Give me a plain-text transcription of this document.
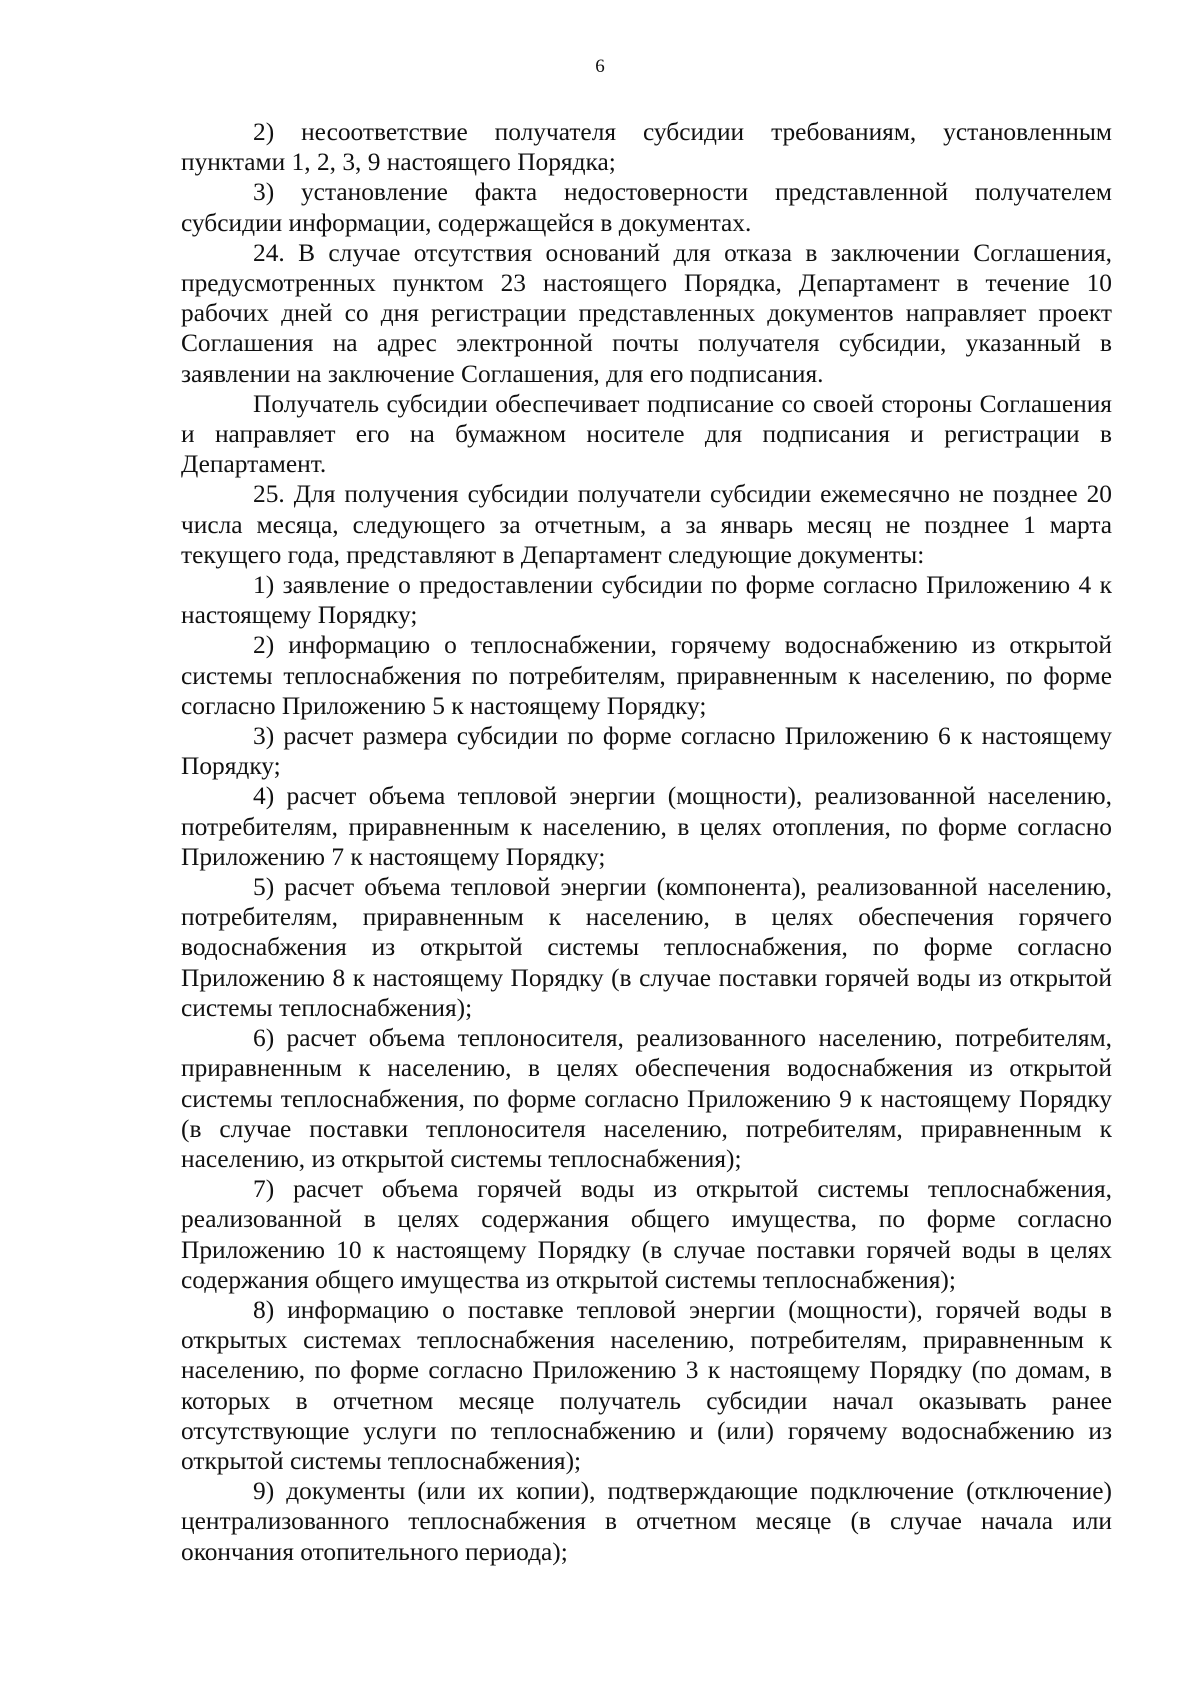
6

2) несоответствие получателя субсидии требованиям, установленным пунктами 1, 2, 3, 9 настоящего Порядка;

3) установление факта недостоверности представленной получателем субсидии информации, содержащейся в документах.

24. В случае отсутствия оснований для отказа в заключении Соглашения, предусмотренных пунктом 23 настоящего Порядка, Департамент в течение 10 рабочих дней со дня регистрации представленных документов направляет проект Соглашения на адрес электронной почты получателя субсидии, указанный в заявлении на заключение Соглашения, для его подписания.

Получатель субсидии обеспечивает подписание со своей стороны Соглашения и направляет его на бумажном носителе для подписания и регистрации в Департамент.

25. Для получения субсидии получатели субсидии ежемесячно не позднее 20 числа месяца, следующего за отчетным, а за январь месяц не позднее 1 марта текущего года, представляют в Департамент следующие документы:

1) заявление о предоставлении субсидии по форме согласно Приложению 4 к настоящему Порядку;

2) информацию о теплоснабжении, горячему водоснабжению из открытой системы теплоснабжения по потребителям, приравненным к населению, по форме согласно Приложению 5 к настоящему Порядку;

3) расчет размера субсидии по форме согласно Приложению 6 к настоящему Порядку;

4) расчет объема тепловой энергии (мощности), реализованной населению, потребителям, приравненным к населению, в целях отопления, по форме согласно Приложению 7 к настоящему Порядку;

5) расчет объема тепловой энергии (компонента), реализованной населению, потребителям, приравненным к населению, в целях обеспечения горячего водоснабжения из открытой системы теплоснабжения, по форме согласно Приложению 8 к настоящему Порядку (в случае поставки горячей воды из открытой системы теплоснабжения);

6) расчет объема теплоносителя, реализованного населению, потребителям, приравненным к населению, в целях обеспечения водоснабжения из открытой системы теплоснабжения, по форме согласно Приложению 9 к настоящему Порядку (в случае поставки теплоносителя населению, потребителям, приравненным к населению, из открытой системы теплоснабжения);

7) расчет объема горячей воды из открытой системы теплоснабжения, реализованной в целях содержания общего имущества, по форме согласно Приложению 10 к настоящему Порядку (в случае поставки горячей воды в целях содержания общего имущества из открытой системы теплоснабжения);

8) информацию о поставке тепловой энергии (мощности), горячей воды в открытых системах теплоснабжения населению, потребителям, приравненным к населению, по форме согласно Приложению 3 к настоящему Порядку (по домам, в которых в отчетном месяце получатель субсидии начал оказывать ранее отсутствующие услуги по теплоснабжению и (или) горячему водоснабжению из открытой системы теплоснабжения);

9) документы (или их копии), подтверждающие подключение (отключение) централизованного теплоснабжения в отчетном месяце (в случае начала или окончания отопительного периода);
